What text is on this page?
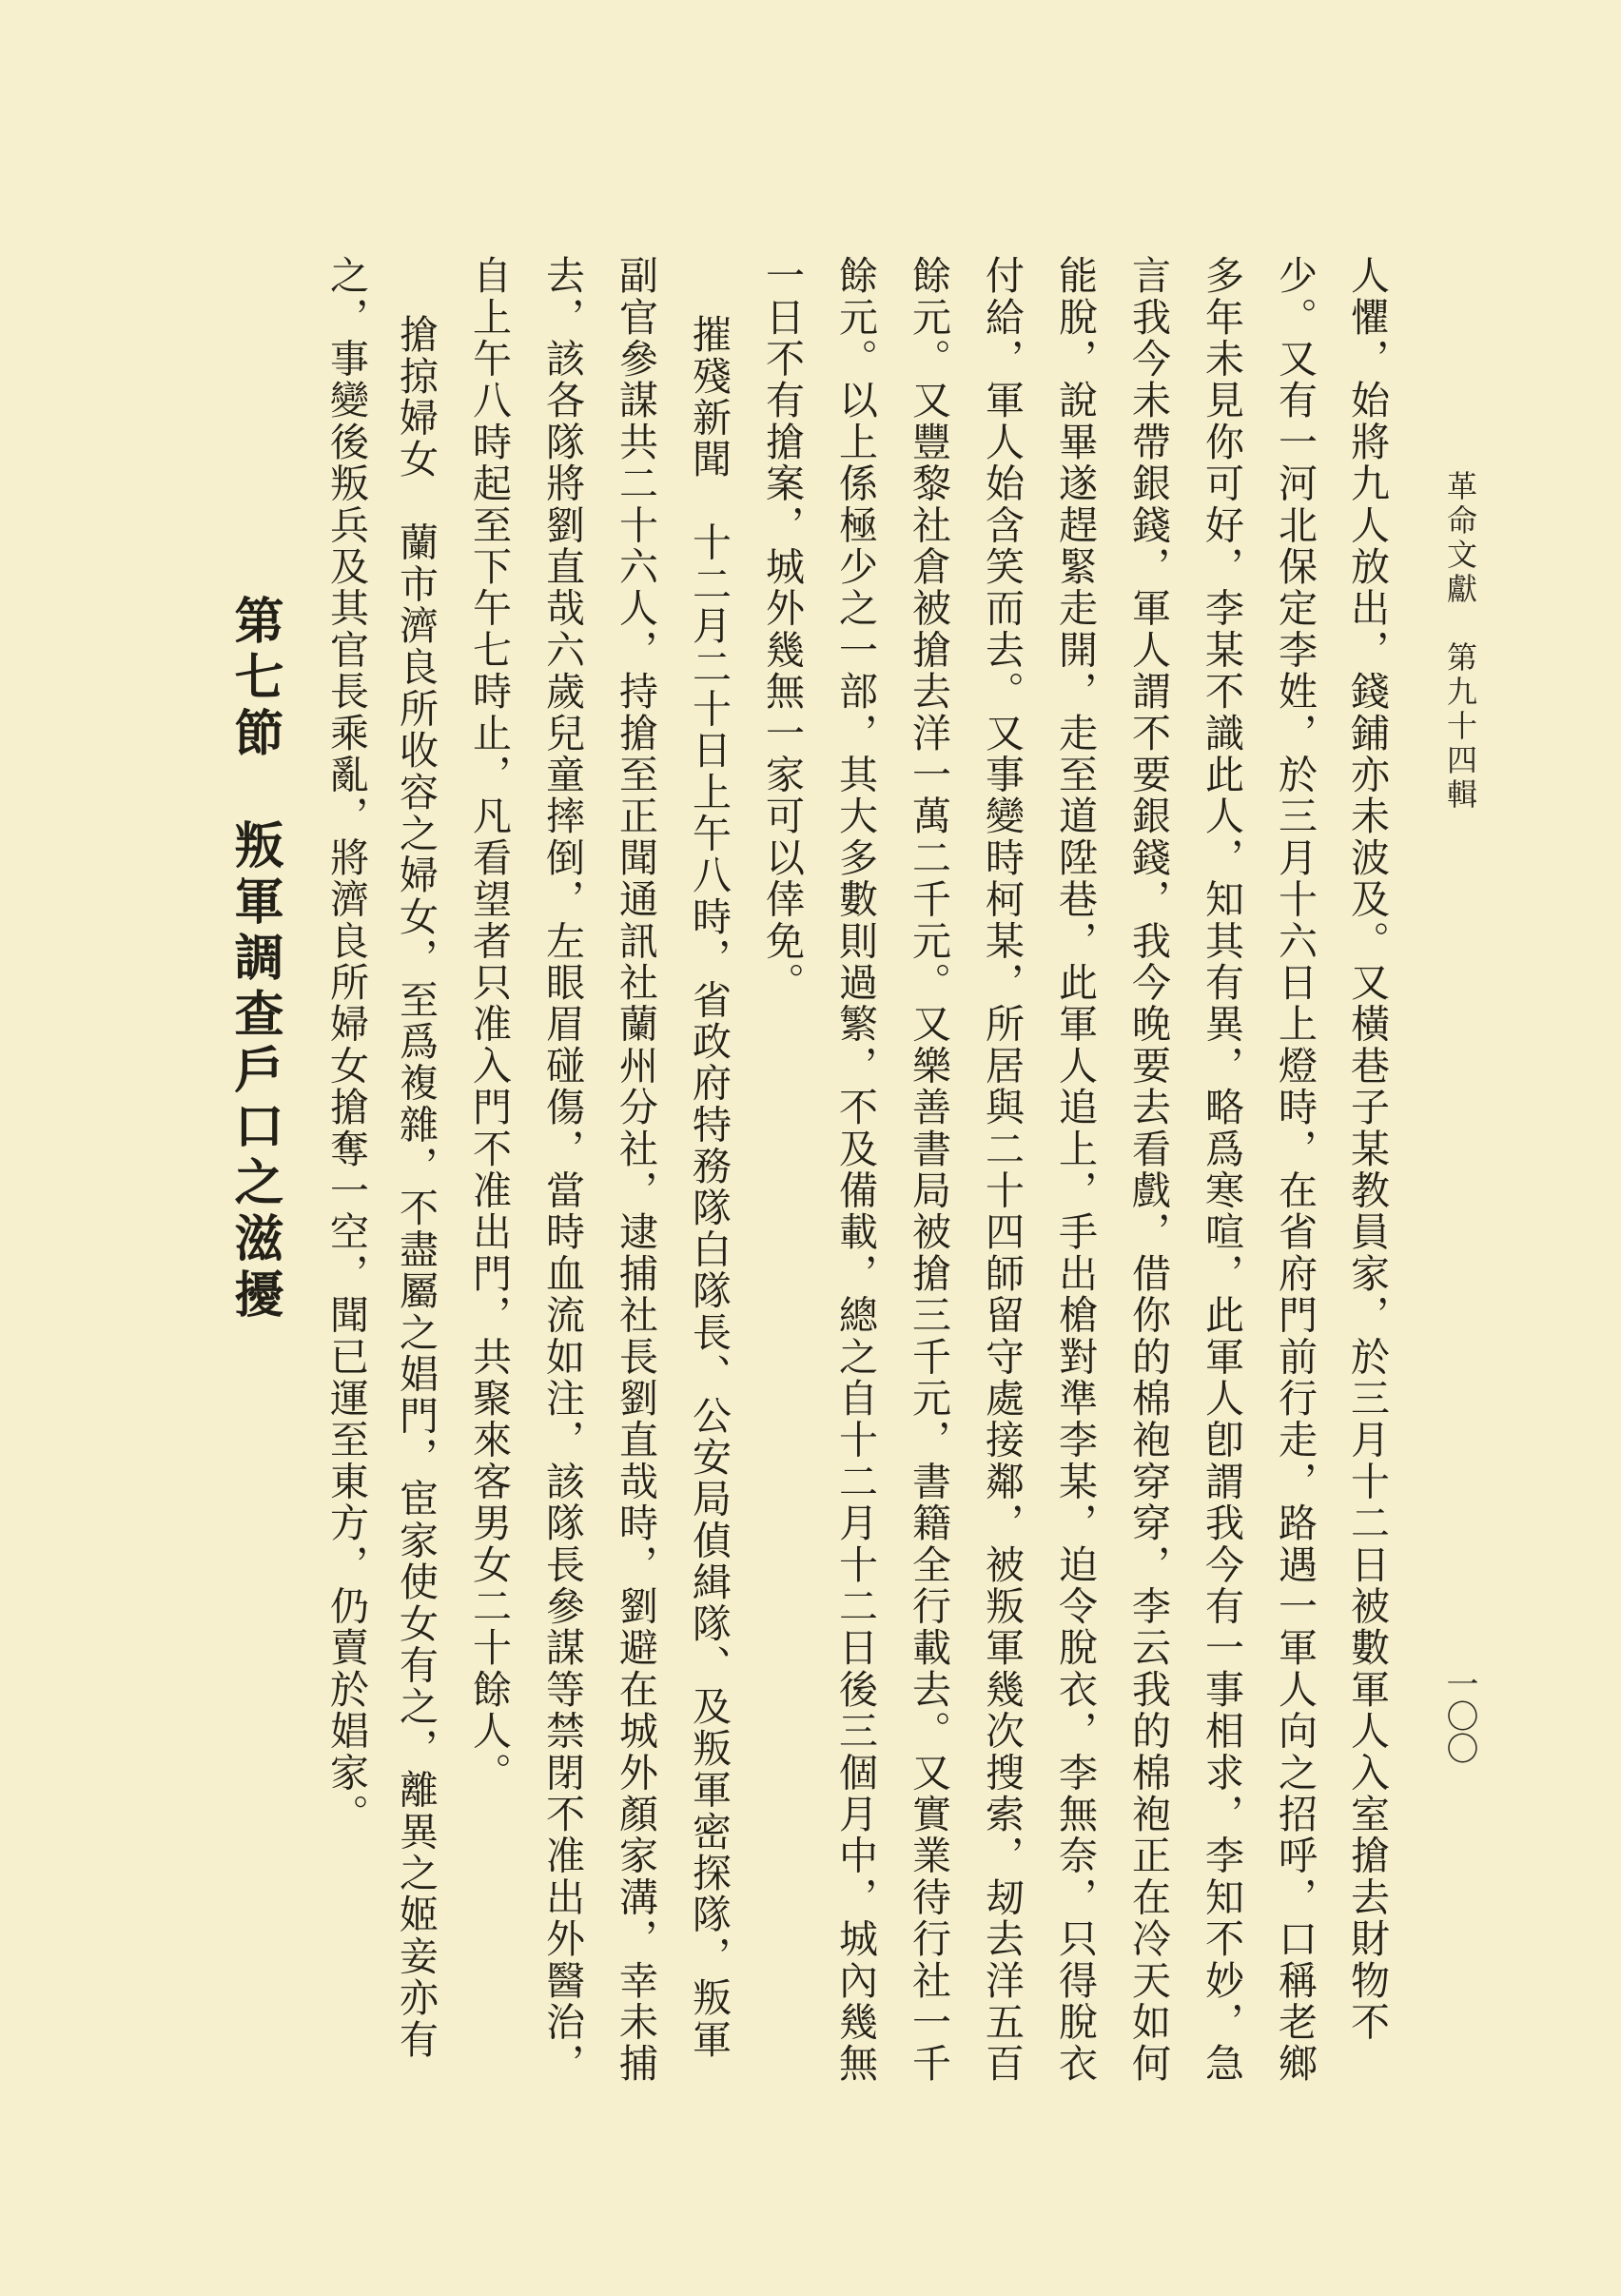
革命文獻　第九十四輯
一〇〇
人懼，始將九人放出，錢鋪亦未波及。又橫巷子某教員家，於三月十二日被數軍人入室搶去財物不
少。又有一河北保定李姓，於三月十六日上燈時，在省府門前行走，路遇一軍人向之招呼，口稱老鄉
多年未見你可好，李某不識此人，知其有異，略爲寒喧，此軍人卽謂我今有一事相求，李知不妙，急
言我今未帶銀錢，軍人謂不要銀錢，我今晚要去看戲，借你的棉袍穿穿，李云我的棉袍正在冷天如何
能脫，說畢遂趕緊走開，走至道陞巷，此軍人追上，手出槍對準李某，迫令脫衣，李無奈，只得脫衣
付給，軍人始含笑而去。又事變時柯某，所居與二十四師留守處接鄰，被叛軍幾次搜索，刼去洋五百
餘元。又豐黎社倉被搶去洋一萬二千元。又樂善書局被搶三千元，書籍全行載去。又實業待行社一千
餘元。以上係極少之一部，其大多數則過繁，不及備載，總之自十二月十二日後三個月中，城內幾無
一日不有搶案，城外幾無一家可以倖免。
摧殘新聞　十二月二十日上午八時，省政府特務隊白隊長、公安局偵緝隊、及叛軍密探隊，叛軍
副官參謀共二十六人，持搶至正聞通訊社蘭州分社，逮捕社長劉直哉時，劉避在城外顏家溝，幸未捕
去，該各隊將劉直哉六歲兒童摔倒，左眼眉碰傷，當時血流如注，該隊長參謀等禁閉不准出外醫治，
自上午八時起至下午七時止，凡看望者只准入門不准出門，共聚來客男女二十餘人。
搶掠婦女　蘭市濟良所收容之婦女，至爲複雜，不盡屬之娼門，宦家使女有之，離異之姬妾亦有
之，事變後叛兵及其官長乘亂，將濟良所婦女搶奪一空，聞已運至東方，仍賣於娼家。
第七節　叛軍調查戶口之滋擾
